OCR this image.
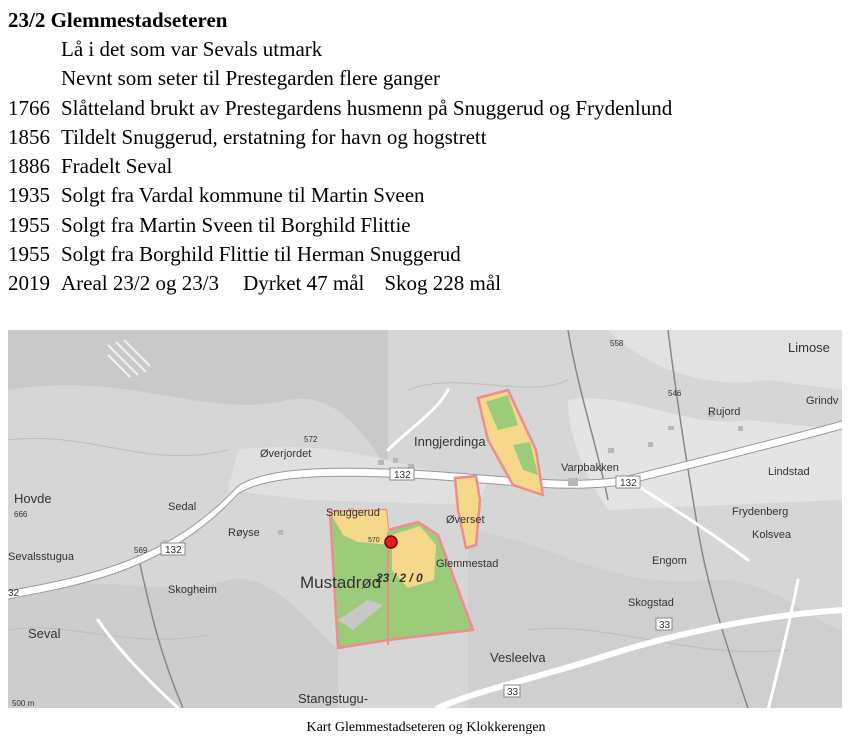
23/2 Glemmestadseteren
Lå i det som var Sevals utmark
Nevnt som seter til Prestegarden flere ganger
1766 Slåtteland brukt av Prestegardens husmenn på Snuggerud og Frydenlund
1856 Tildelt Snuggerud, erstatning for havn og hogstrett
1886 Fradelt Seval
1935 Solgt fra Vardal kommune til Martin Sveen
1955 Solgt fra Martin Sveen til Borghild Flittie
1955 Solgt fra Borghild Flittie til Herman Snuggerud
2019 Areal 23/2 og 23/3 Dyrket 47 mål Skog 228 mål
132
132
132
33
33
32
558
572
546
666
569
570
Limose
Grindv
Rujord
Inngjerdinga
Varpbakken	Lindstad
Øverjordet
Hovde
Sedal
Røyse
Snuggerud
Øverset
Frydenberg
Kolsvea
Sevalsstugua
Glemmestad	Engom
Mustadrød
Skogheim
Skogstad
Seval
Vesleelva
Stangstugu-
23 / 2 / 0
500 m
Kart Glemmestadseteren og Klokkerengen
